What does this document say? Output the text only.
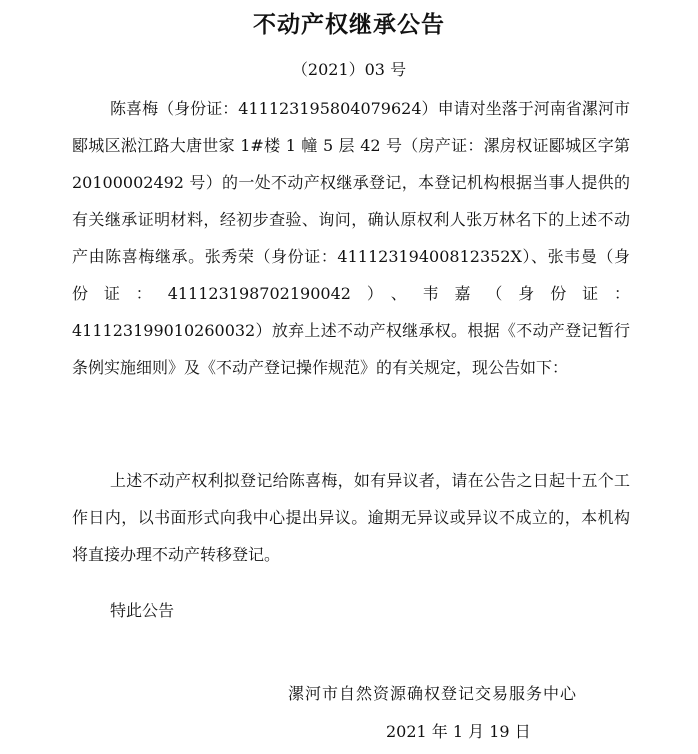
不动产权继承公告

（2021）03 号

陈喜梅（身份证：41112319580407962​4）申请对坐落于河南省漯河市郾城区淞江路大唐世家 1#楼 1 幢 5 层 42 号（房产证：漯房权证郾城区字第 20100002492 号）的一处不动产权继承登记，本登记机构根据当事人提供的有关继承证明材料，经初步查验、询问，确认原权利人张万林名下的上述不动产由陈喜梅继承。张秀荣（身份证：41112319400812352X）、张韦曼（身份证：411123198702190042）、韦嘉（身份证：411123199010260032）放弃上述不动产权继承权。根据《不动产登记暂行条例实施细则》及《不动产登记操作规范》的有关规定，现公告如下：

上述不动产权利拟登记给陈喜梅，如有异议者，请在公告之日起十五个工作日内，以书面形式向我中心提出异议。逾期无异议或异议不成立的，本机构将直接办理不动产转移登记。

特此公告

漯河市自然资源确权登记交易服务中心

2021 年 1 月 19 日
